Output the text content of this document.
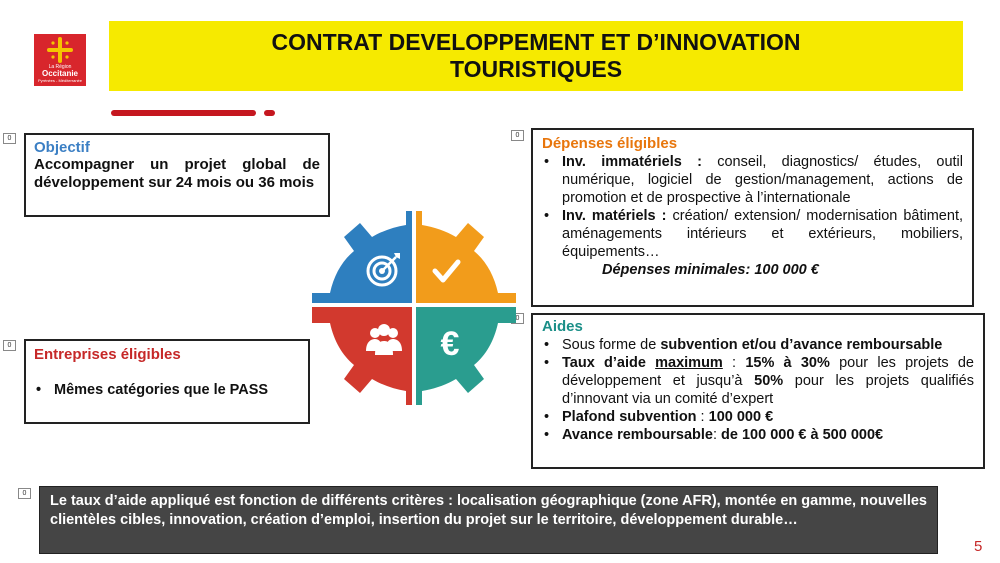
La Région
Occitanie
Pyrénées - Méditerranée
CONTRAT DEVELOPPEMENT ET D’INNOVATION
TOURISTIQUES
0
0
0
0
0
Objectif
Accompagner un projet global de développement sur 24 mois ou 36 mois
Entreprises éligibles
• Mêmes catégories que le PASS
€
Dépenses éligibles
• Inv. immatériels : conseil, diagnostics/ études, outil numérique, logiciel de gestion/management, actions de promotion et de prospective à l’internationale
• Inv. matériels : création/ extension/ modernisation bâtiment, aménagements intérieurs et extérieurs, mobiliers, équipements…
Dépenses minimales: 100 000 €
Aides
• Sous forme de subvention et/ou d’avance remboursable
• Taux d’aide maximum : 15% à 30% pour les projets de développement et jusqu’à 50% pour les projets qualifiés d’innovant via un comité d’expert
• Plafond subvention : 100 000 €
• Avance remboursable: de 100 000 € à 500 000€
Le taux d’aide appliqué est fonction de différents critères : localisation géographique (zone AFR), montée en gamme, nouvelles clientèles cibles, innovation, création d’emploi, insertion du projet sur le territoire, développement durable…
5
